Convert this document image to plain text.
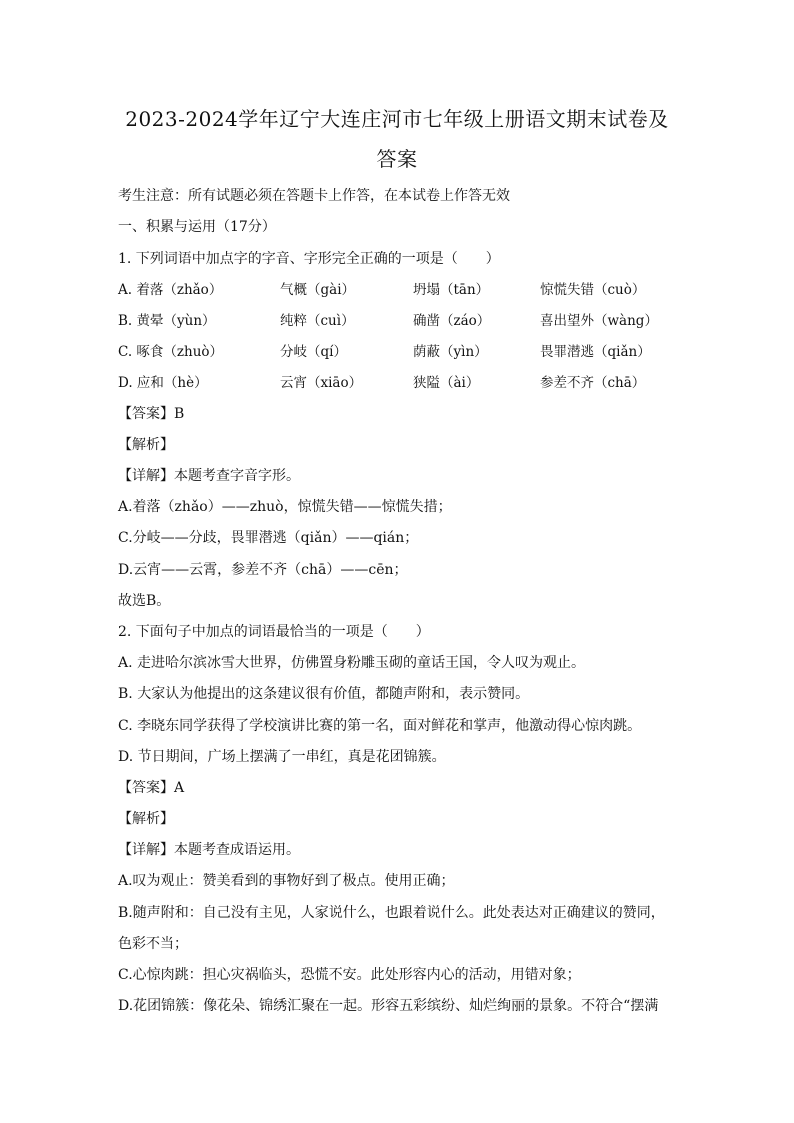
2023-2024学年辽宁大连庄河市七年级上册语文期末试卷及
答案
考生注意：所有试题必须在答题卡上作答，在本试卷上作答无效
一、积累与运用（17分）
1. 下列词语中加点字的字音、字形完全正确的一项是（　　）
A. 着落（zhǎo）	气概（gài）	坍塌（tān）	惊慌失错（cuò）
B. 黄晕（yùn）	纯粹（cuì）	确凿（záo）	喜出望外（wàng）
C. 啄食（zhuò）	分岐（qí）	荫蔽（yìn）	畏罪潜逃（qiǎn）
D. 应和（hè）	云宵（xiāo）	狭隘（ài）	参差不齐（chā）
【答案】B
【解析】
【详解】本题考查字音字形。
A.着落（zhǎo）——zhuò，惊慌失错——惊慌失措；
C.分岐——分歧，畏罪潜逃（qiǎn）——qián；
D.云宵——云霄，参差不齐（chā）——cēn；
故选B。
2. 下面句子中加点的词语最恰当的一项是（　　）
A. 走进哈尔滨冰雪大世界，仿佛置身粉雕玉砌的童话王国，令人叹为观止。
B. 大家认为他提出的这条建议很有价值，都随声附和，表示赞同。
C. 李晓东同学获得了学校演讲比赛的第一名，面对鲜花和掌声，他激动得心惊肉跳。
D. 节日期间，广场上摆满了一串红，真是花团锦簇。
【答案】A
【解析】
【详解】本题考查成语运用。
A.叹为观止：赞美看到的事物好到了极点。使用正确；
B.随声附和：自己没有主见，人家说什么，也跟着说什么。此处表达对正确建议的赞同，
色彩不当；
C.心惊肉跳：担心灾祸临头，恐慌不安。此处形容内心的活动，用错对象；
D.花团锦簇：像花朵、锦绣汇聚在一起。形容五彩缤纷、灿烂绚丽的景象。不符合“摆满
